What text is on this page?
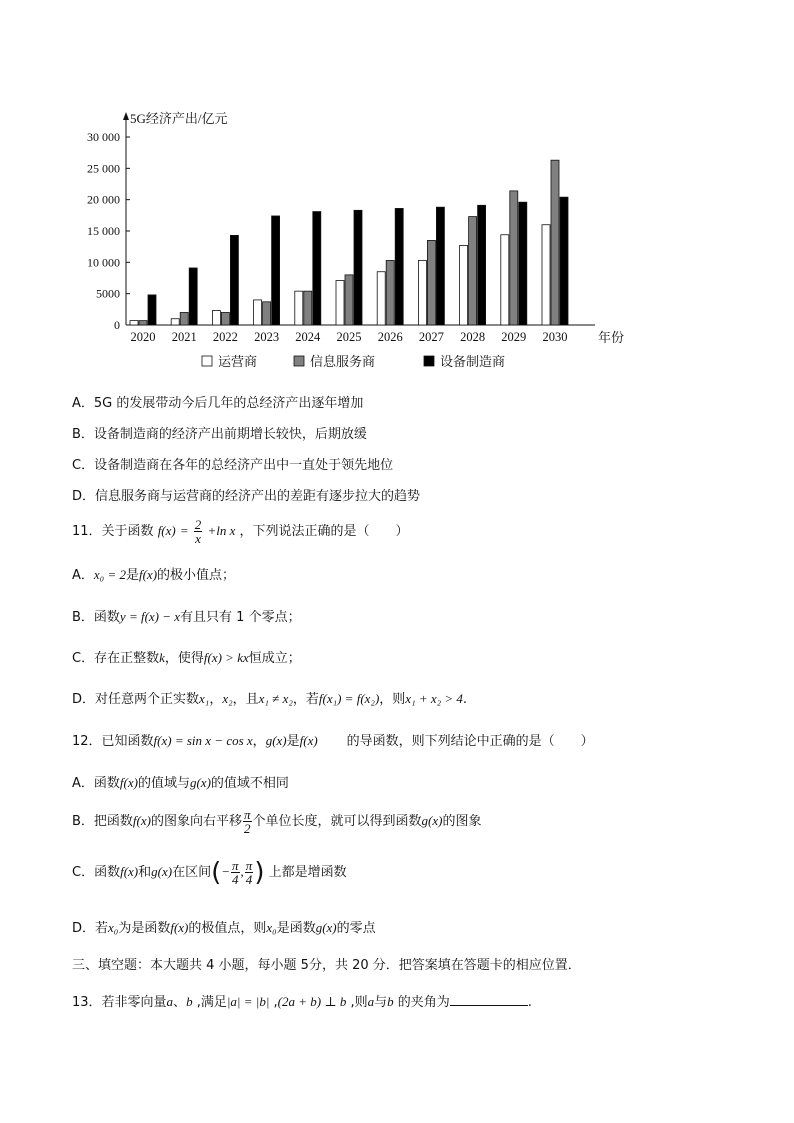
5G经济产出/亿元
0
5000
10 000
15 000
20 000
25 000
30 000
2020 2021 2022 2023 2024 2025 2026 2027 2028 2029 2030 年份
运营商	信息服务商	设备制造商
A．5G 的发展带动今后几年的总经济产出逐年增加
B．设备制造商的经济产出前期增长较快，后期放缓
C．设备制造商在各年的总经济产出中一直处于领先地位
D．信息服务商与运营商的经济产出的差距有逐步拉大的趋势
11．关于函数 $f(x) = \frac{2}{x} +\ln$ x ，下列说法正确的是（　　）
A．x₀ = 2是f(x)的极小值点；
B．函数y = f(x) − x有且只有 1 个零点；
C．存在正整数k，使得f(x) > kx恒成立；
D．对任意两个正实数x₁，x₂，且x₁ ≠ x₂，若f(x₁) = f(x₂)，则x₁ + x₂ > 4.
12．已知函数f(x) = sin x − cos x，g(x)是f(x) 的导函数，则下列结论中正确的是（　　）
A．函数f(x)的值域与g(x)的值域不相同
B．把函数f(x)的图象向右平移 $\frac{\pi}{2}$ 个单位长度，就可以得到函数g(x)的图象
C．函数f(x)和g(x)在区间(− $\frac{\pi}{4}$ , $\frac{\pi}{4}$ ) 上都是增函数
D．若x₀为是函数f(x)的极值点，则x₀是函数g(x)的零点
三、填空题：本大题共 4 小题，每小题 5分，共 20 分．把答案填在答题卡的相应位置．
13．若非零向量a、b ,满足|a| = |b| ,(2a + b) ⊥ b ,则a与b 的夹角为	.
